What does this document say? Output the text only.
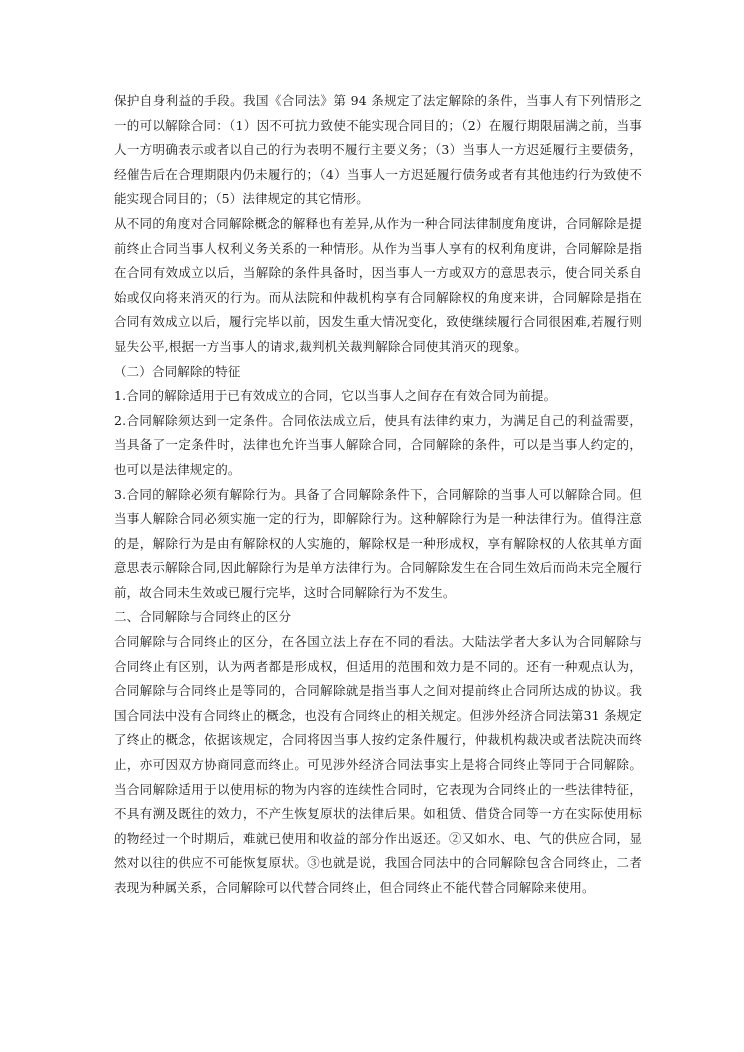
保护自身利益的手段。我国《合同法》第 94 条规定了法定解除的条件，当事人有下列情形之一的可以解除合同：（1）因不可抗力致使不能实现合同目的；（2）在履行期限届满之前，当事人一方明确表示或者以自己的行为表明不履行主要义务；（3）当事人一方迟延履行主要债务，经催告后在合理期限内仍未履行的；（4）当事人一方迟延履行债务或者有其他违约行为致使不能实现合同目的；（5）法律规定的其它情形。

从不同的角度对合同解除概念的解释也有差异,从作为一种合同法律制度角度讲，合同解除是提前终止合同当事人权利义务关系的一种情形。从作为当事人享有的权利角度讲，合同解除是指在合同有效成立以后，当解除的条件具备时，因当事人一方或双方的意思表示，使合同关系自始或仅向将来消灭的行为。而从法院和仲裁机构享有合同解除权的角度来讲，合同解除是指在合同有效成立以后，履行完毕以前，因发生重大情况变化，致使继续履行合同很困难,若履行则显失公平,根据一方当事人的请求,裁判机关裁判解除合同使其消灭的现象。

（二）合同解除的特征

1.合同的解除适用于已有效成立的合同，它以当事人之间存在有效合同为前提。

2.合同解除须达到一定条件。合同依法成立后，使具有法律约束力，为满足自己的利益需要，当具备了一定条件时，法律也允许当事人解除合同，合同解除的条件，可以是当事人约定的，也可以是法律规定的。

3.合同的解除必须有解除行为。具备了合同解除条件下，合同解除的当事人可以解除合同。但当事人解除合同必须实施一定的行为，即解除行为。这种解除行为是一种法律行为。值得注意的是，解除行为是由有解除权的人实施的，解除权是一种形成权，享有解除权的人依其单方面意思表示解除合同,因此解除行为是单方法律行为。合同解除发生在合同生效后而尚未完全履行前，故合同未生效或已履行完毕，这时合同解除行为不发生。

二、合同解除与合同终止的区分

合同解除与合同终止的区分，在各国立法上存在不同的看法。大陆法学者大多认为合同解除与合同终止有区别，认为两者都是形成权，但适用的范围和效力是不同的。还有一种观点认为，合同解除与合同终止是等同的，合同解除就是指当事人之间对提前终止合同所达成的协议。我国合同法中没有合同终止的概念，也没有合同终止的相关规定。但涉外经济合同法第31 条规定了终止的概念，依据该规定，合同将因当事人按约定条件履行，仲裁机构裁决或者法院决而终止，亦可因双方协商同意而终止。可见涉外经济合同法事实上是将合同终止等同于合同解除。当合同解除适用于以使用标的物为内容的连续性合同时，它表现为合同终止的一些法律特征，不具有溯及既往的效力，不产生恢复原状的法律后果。如租赁、借贷合同等一方在实际使用标的物经过一个时期后，难就已使用和收益的部分作出返还。②又如水、电、气的供应合同，显然对以往的供应不可能恢复原状。③也就是说，我国合同法中的合同解除包含合同终止，二者表现为种属关系，合同解除可以代替合同终止，但合同终止不能代替合同解除来使用。
